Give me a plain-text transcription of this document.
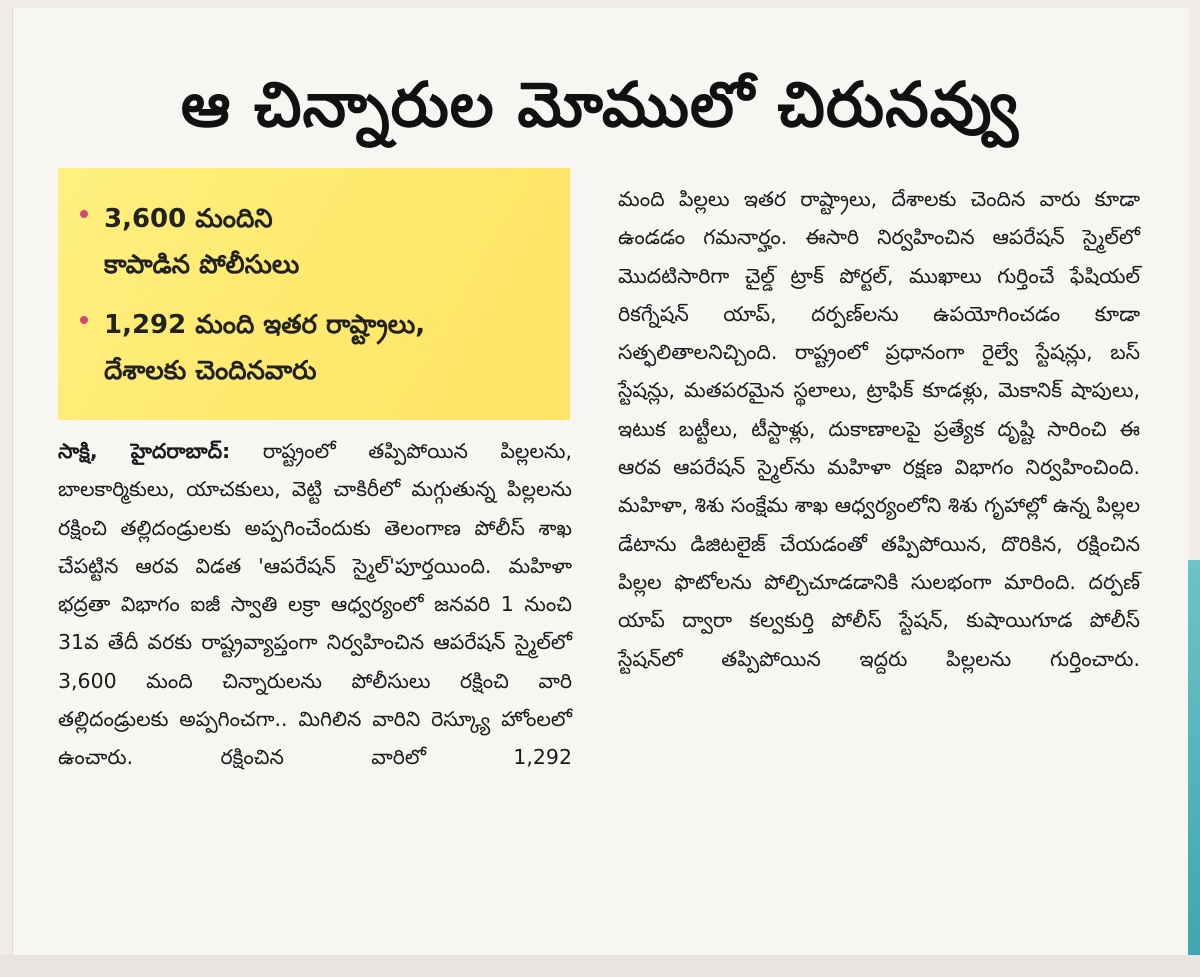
ఆ చిన్నారుల మోములో చిరునవ్వు
3,600 మందిని
కాపాడిన పోలీసులు
1,292 మంది ఇతర రాష్ట్రాలు,
దేశాలకు చెందినవారు
సాక్షి, హైదరాబాద్: రాష్ట్రంలో తప్పిపోయిన పిల్లలను, బాలకార్మికులు, యాచకులు, వెట్టి చాకిరీలో మగ్గుతున్న పిల్లలను రక్షించి తల్లిదండ్రులకు అప్పగించేందుకు తెలంగాణ పోలీస్ శాఖ చేపట్టిన ఆరవ విడత 'ఆపరేషన్ స్మైల్'పూర్తయింది. మహిళా భద్రతా విభాగం ఐజీ స్వాతి లక్రా ఆధ్వర్యంలో జనవరి 1 నుంచి 31వ తేదీ వరకు రాష్ట్రవ్యాప్తంగా నిర్వహించిన ఆపరేషన్ స్మైల్‌లో 3,600 మంది చిన్నారులను పోలీసులు రక్షించి వారి తల్లిదండ్రులకు అప్పగించగా.. మిగిలిన వారిని రెస్క్యూ హోంలలో ఉంచారు. రక్షించిన వారిలో 1,292
మంది పిల్లలు ఇతర రాష్ట్రాలు, దేశాలకు చెందిన వారు కూడా ఉండడం గమనార్హం. ఈసారి నిర్వహించిన ఆపరేషన్ స్మైల్‌లో మొదటిసారిగా చైల్డ్ ట్రాక్ పోర్టల్, ముఖాలు గుర్తించే ఫేషియల్ రికగ్నేషన్ యాప్, దర్పణ్‌లను ఉపయోగించడం కూడా సత్ఫలితాలనిచ్చింది. రాష్ట్రంలో ప్రధానంగా రైల్వే స్టేషన్లు, బస్ స్టేషన్లు, మతపరమైన స్థలాలు, ట్రాఫిక్ కూడళ్లు, మెకానిక్ షాపులు, ఇటుక బట్టీలు, టీస్టాళ్లు, దుకాణాలపై ప్రత్యేక దృష్టి సారించి ఈ ఆరవ ఆపరేషన్ స్మైల్‌ను మహిళా రక్షణ విభాగం నిర్వహించింది. మహిళా, శిశు సంక్షేమ శాఖ ఆధ్వర్యంలోని శిశు గృహాల్లో ఉన్న పిల్లల డేటాను డిజిటలైజ్ చేయడంతో తప్పిపోయిన, దొరికిన, రక్షించిన పిల్లల ఫొటోలను పోల్చిచూడడానికి సులభంగా మారింది. దర్పణ్ యాప్ ద్వారా కల్వకుర్తి పోలీస్ స్టేషన్, కుషాయిగూడ పోలీస్ స్టేషన్‌లో తప్పిపోయిన ఇద్దరు పిల్లలను గుర్తించారు.
